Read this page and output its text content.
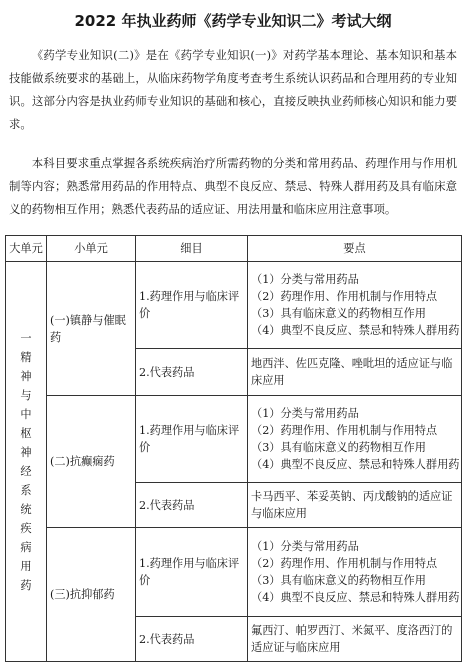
2022 年执业药师《药学专业知识二》考试大纲

《药学专业知识(二)》是在《药学专业知识(一)》对药学基本理论、基本知识和基本技能做系统要求的基础上，从临床药物学角度考查考生系统认识药品和合理用药的专业知识。这部分内容是执业药师专业知识的基础和核心，直接反映执业药师核心知识和能力要求。

本科目要求重点掌握各系统疾病治疗所需药物的分类和常用药品、药理作用与作用机制等内容；熟悉常用药品的作用特点、典型不良反应、禁忌、特殊人群用药及具有临床意义的药物相互作用；熟悉代表药品的适应证、用法用量和临床应用注意事项。

大单元	小单元	细目	要点
一精神与中枢神经系统疾病用药	(一)镇静与催眠药	1.药理作用与临床评价	（1）分类与常用药品
（2）药理作用、作用机制与作用特点
（3）具有临床意义的药物相互作用
（4）典型不良反应、禁忌和特殊人群用药

		2.代表药品	地西泮、佐匹克隆、唑吡坦的适应证与临床应用
	(二)抗癫痫药	1.药理作用与临床评价	（1）分类与常用药品
（2）药理作用、作用机制与作用特点
（3）具有临床意义的药物相互作用
（4）典型不良反应、禁忌和特殊人群用药

		2.代表药品	卡马西平、苯妥英钠、丙戊酸钠的适应证与临床应用
	(三)抗抑郁药	1.药理作用与临床评价	（1）分类与常用药品
（2）药理作用、作用机制与作用特点
（3）具有临床意义的药物相互作用
（4）典型不良反应、禁忌和特殊人群用药

		2.代表药品	氟西汀、帕罗西汀、米氮平、度洛西汀的适应证与临床应用
